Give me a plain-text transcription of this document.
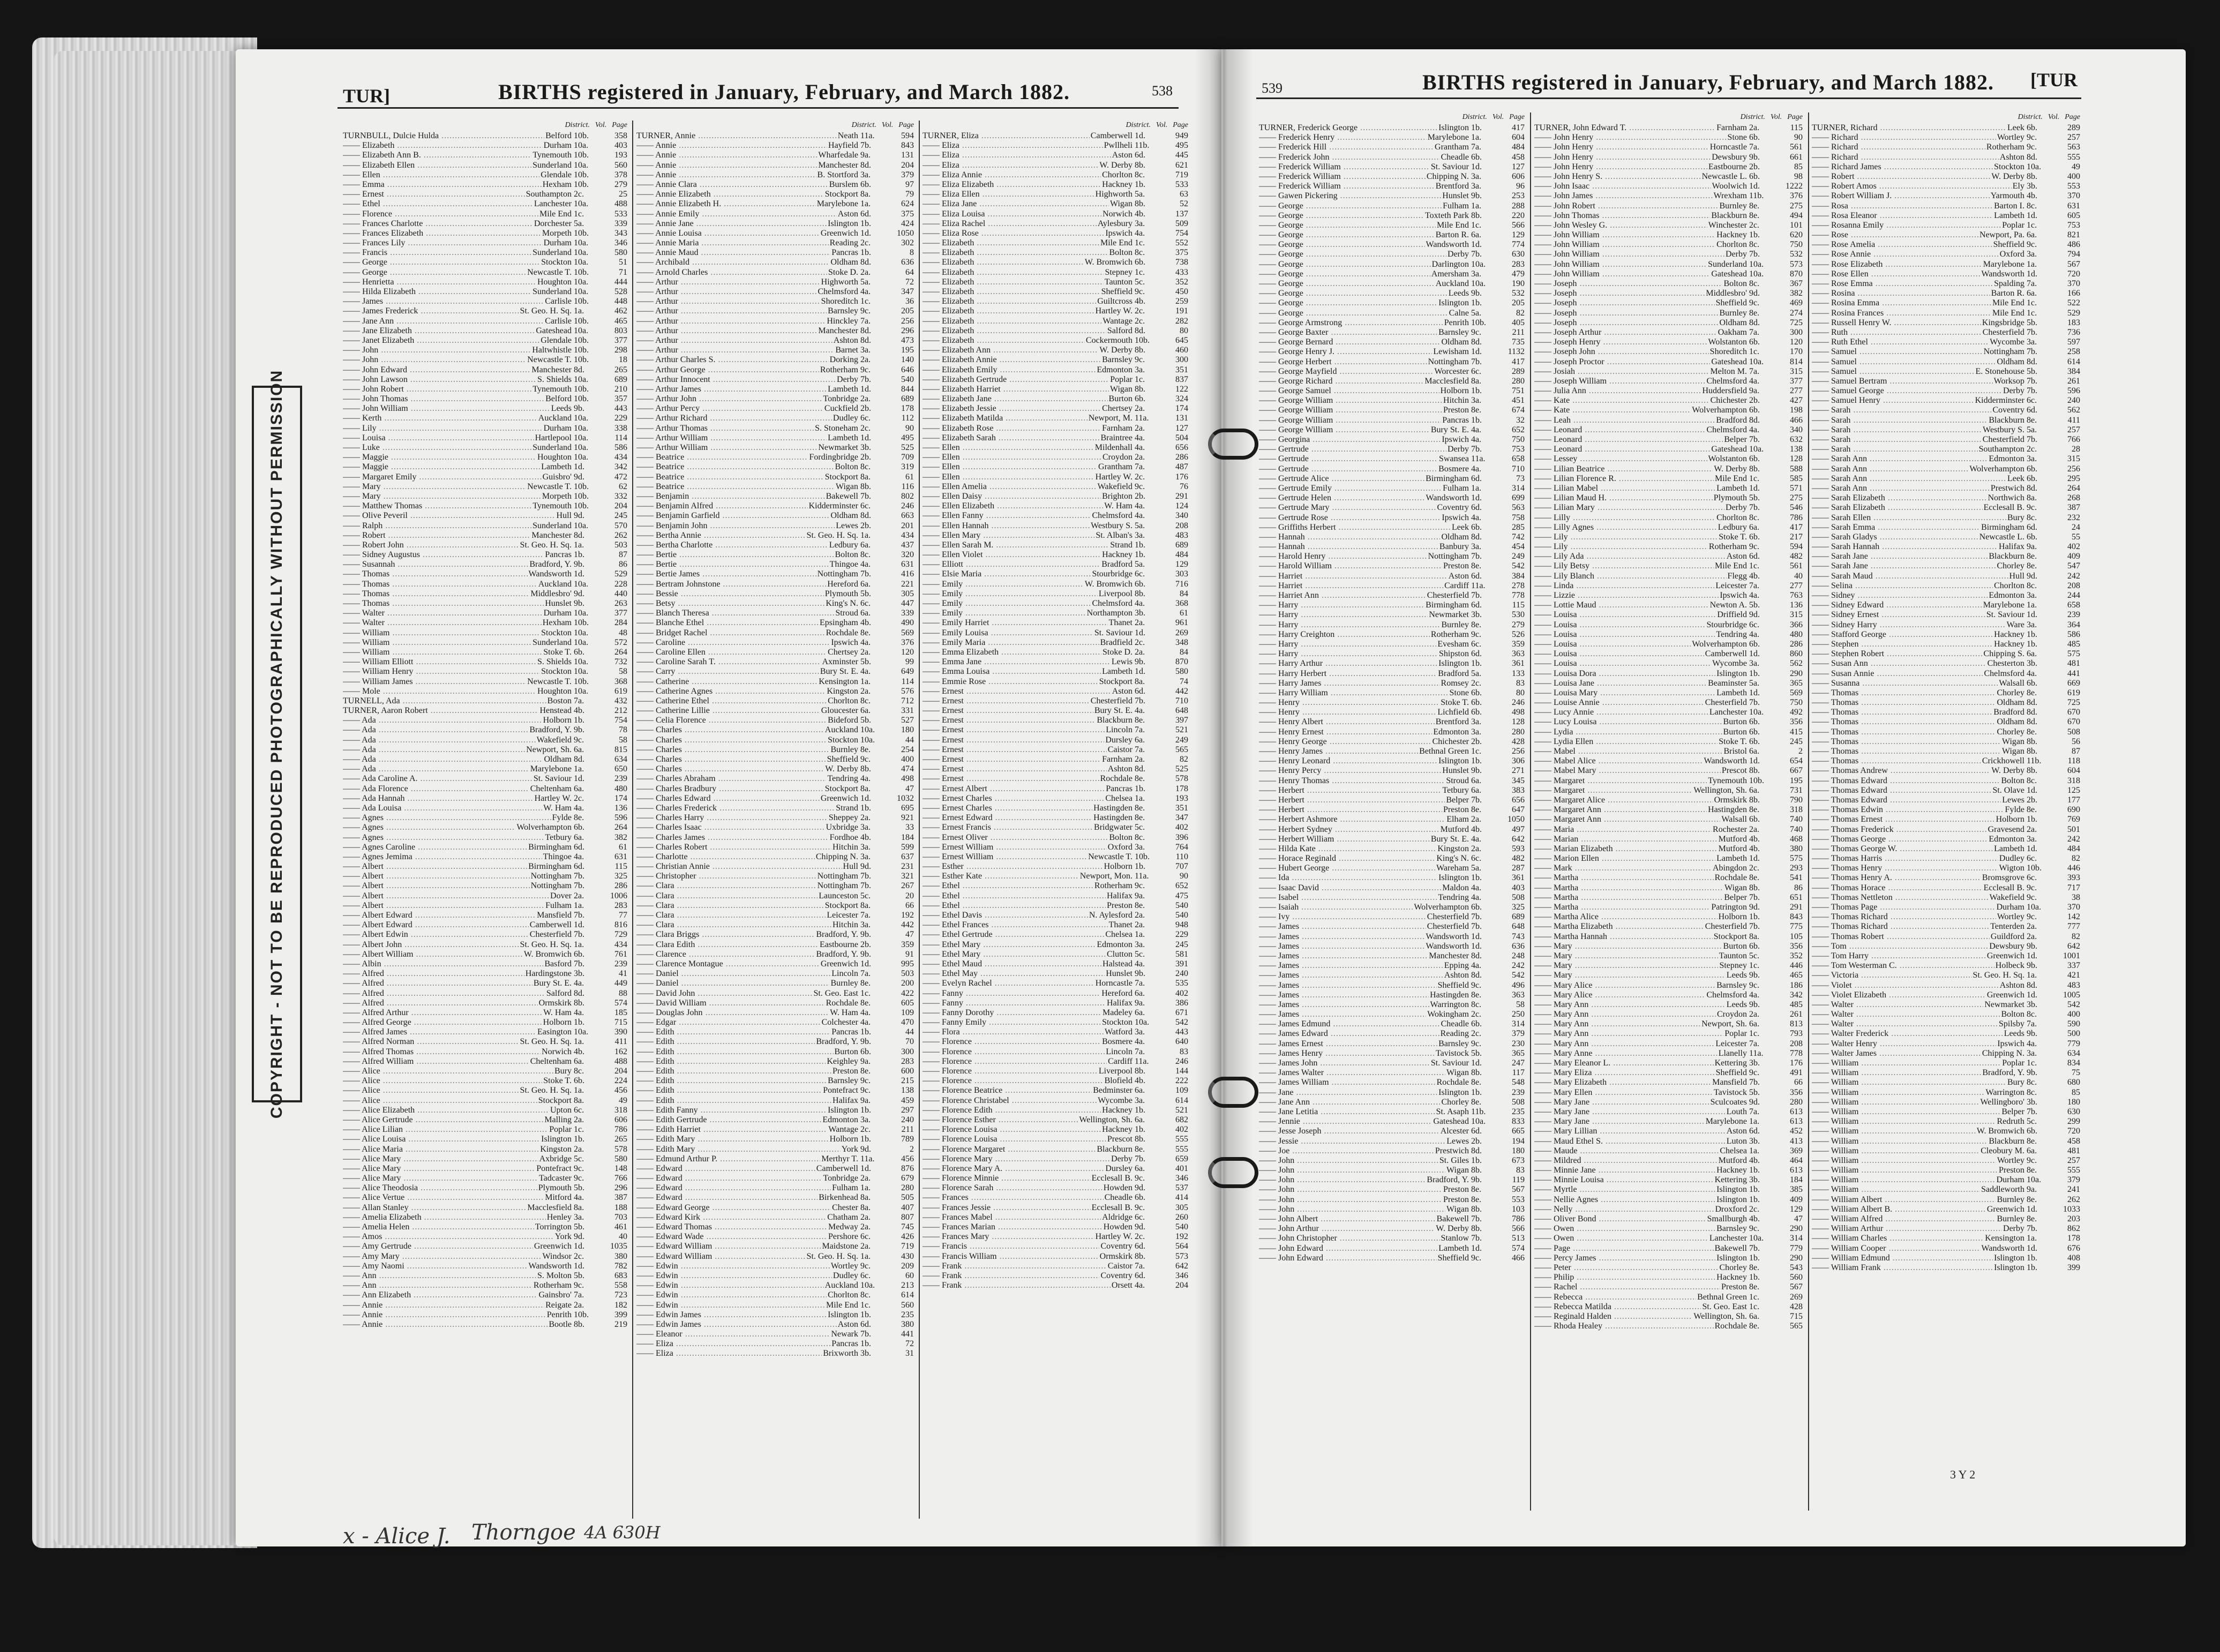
COPYRIGHT - NOT TO BE REPRODUCED PHOTOGRAPHICALLY WITHOUT PERMISSION
TUR]	BIRTHS registered in January, February, and March 1882.	538	539	BIRTHS registered in January, February, and March 1882. [TUR
District. Vol. Page
TURNBULL, Dulcie Hulda .....	Belford 10b.	358
—— Elizabeth .....	Durham 10a.	403
—— Elizabeth Ann B. .....	Tynemouth 10b.	193
—— Elizabeth Ellen .....	Sunderland 10a.	560
—— Ellen .....	Glendale 10b.	378
—— Emma .....	Hexham 10b.	279
—— Ernest .....	Southampton 2c.	25
—— Ethel .....	Lanchester 10a.	488
—— Florence .....	Mile End 1c.	533
—— Frances Charlotte .....	Dorchester 5a.	339
—— Frances Elizabeth .....	Morpeth 10b.	343
—— Frances Lily .....	Durham 10a.	346
—— Francis .....	Sunderland 10a.	580
—— George .....	Stockton 10a.	51
—— George .....	Newcastle T. 10b.	71
—— Henrietta .....	Houghton 10a.	444
—— Hilda Elizabeth .....	Sunderland 10a.	528
—— James .....	Carlisle 10b.	448
—— James Frederick .....	St. Geo. H. Sq. 1a.	462
—— Jane Ann .....	Carlisle 10b.	465
—— Jane Elizabeth .....	Gateshead 10a.	803
—— Janet Elizabeth .....	Glendale 10b.	377
—— John .....	Haltwhistle 10b.	298
—— John .....	Newcastle T. 10b.	18
—— John Edward .....	Manchester 8d.	265
—— John Lawson .....	S. Shields 10a.	689
—— John Robert .....	Tynemouth 10b.	210
—— John Thomas .....	Belford 10b.	357
—— John William .....	Leeds 9b.	443
—— Kerth .....	Auckland 10a.	229
—— Lily .....	Durham 10a.	338
—— Louisa .....	Hartlepool 10a.	114
—— Luke .....	Sunderland 10a.	586
—— Maggie .....	Houghton 10a.	434
—— Maggie .....	Lambeth 1d.	342
—— Margaret Emily .....	Guisbro' 9d.	472
—— Mary .....	Newcastle T. 10b.	62
—— Mary .....	Morpeth 10b.	332
—— Matthew Thomas .....	Tynemouth 10b.	204
—— Olive Peveril .....	Hull 9d.	245
—— Ralph .....	Sunderland 10a.	570
—— Robert .....	Manchester 8d.	262
—— Robert John .....	St. Geo. H. Sq. 1a.	503
—— Sidney Augustus .....	Pancras 1b.	87
—— Susannah .....	Bradford, Y. 9b.	86
—— Thomas .....	Wandsworth 1d.	529
—— Thomas .....	Auckland 10a.	228
—— Thomas .....	Middlesbro' 9d.	440
—— Thomas .....	Hunslet 9b.	263
—— Walter .....	Durham 10a.	377
—— Walter .....	Hexham 10b.	284
—— William .....	Stockton 10a.	48
—— William .....	Sunderland 10a.	572
—— William .....	Stoke T. 6b.	264
—— William Elliott .....	S. Shields 10a.	732
—— William Henry .....	Stockton 10a.	58
—— William James .....	Newcastle T. 10b.	368
—— Mole .....	Houghton 10a.	619
TURNELL, Ada .....	Boston 7a.	432
TURNER, Aaron Robert .....	Henstead 4b.	212
—— Ada .....	Holborn 1b.	754
—— Ada .....	Bradford, Y. 9b.	78
—— Ada .....	Wakefield 9c.	58
—— Ada .....	Newport, Sh. 6a.	815
—— Ada .....	Oldham 8d.	634
—— Ada .....	Marylebone 1a.	650
—— Ada Caroline A. .....	St. Saviour 1d.	239
—— Ada Florence .....	Cheltenham 6a.	480
—— Ada Hannah .....	Hartley W. 2c.	174
—— Ada Louisa .....	W. Ham 4a.	136
—— Agnes .....	Fylde 8e.	596
—— Agnes .....	Wolverhampton 6b.	264
—— Agnes .....	Tetbury 6a.	382
—— Agnes Caroline .....	Birmingham 6d.	61
—— Agnes Jemima .....	Thingoe 4a.	631
—— Albert .....	Birmingham 6d.	115
—— Albert .....	Nottingham 7b.	325
—— Albert .....	Nottingham 7b.	286
—— Albert .....	Dover 2a.	1006
—— Albert .....	Fulham 1a.	283
—— Albert Edward .....	Mansfield 7b.	77
—— Albert Edward .....	Camberwell 1d.	816
—— Albert Edwin .....	Chesterfield 7b.	729
—— Albert John .....	St. Geo. H. Sq. 1a.	434
—— Albert William .....	W. Bromwich 6b.	761
—— Albin .....	Basford 7b.	239
—— Alfred .....	Hardingstone 3b.	41
—— Alfred .....	Bury St. E. 4a.	449
—— Alfred .....	Salford 8d.	88
—— Alfred .....	Ormskirk 8b.	574
—— Alfred Arthur .....	W. Ham 4a.	185
—— Alfred George .....	Holborn 1b.	715
—— Alfred James .....	Easington 10a.	390
—— Alfred Norman .....	St. Geo. H. Sq. 1a.	411
—— Alfred Thomas .....	Norwich 4b.	162
—— Alfred William .....	Cheltenham 6a.	488
—— Alice .....	Bury 8c.	204
—— Alice .....	Stoke T. 6b.	224
—— Alice .....	St. Geo. H. Sq. 1a.	456
—— Alice .....	Stockport 8a.	49
—— Alice Elizabeth .....	Upton 6c.	318
—— Alice Gertrude .....	Malling 2a.	606
—— Alice Lilian .....	Poplar 1c.	786
—— Alice Louisa .....	Islington 1b.	265
—— Alice Maria .....	Kingston 2a.	578
—— Alice Mary .....	Axbridge 5c.	580
—— Alice Mary .....	Pontefract 9c.	148
—— Alice Mary .....	Tadcaster 9c.	766
—— Alice Theodosia .....	Plymouth 5b.	296
—— Alice Vertue .....	Mitford 4a.	387
—— Allan Stanley .....	Macclesfield 8a.	188
—— Amelia Elizabeth .....	Henley 3a.	703
—— Amelia Helen .....	Torrington 5b.	461
—— Amos .....	York 9d.	40
—— Amy Gertrude .....	Greenwich 1d.	1035
—— Amy Mary .....	Windsor 2c.	380
—— Amy Naomi .....	Wandsworth 1d.	782
—— Ann .....	S. Molton 5b.	683
—— Ann .....	Rotherham 9c.	558
—— Ann Elizabeth .....	Gainsbro' 7a.	723
—— Annie .....	Reigate 2a.	182
—— Annie .....	Penrith 10b.	399
—— Annie .....	Bootle 8b.	219
District. Vol. Page
TURNER, Annie .....	Neath 11a.	594
—— Annie .....	Hayfield 7b.	843
—— Annie .....	Wharfedale 9a.	131
—— Annie .....	Manchester 8d.	204
—— Annie .....	B. Stortford 3a.	379
—— Annie Clara .....	Burslem 6b.	97
—— Annie Elizabeth .....	Stockport 8a.	79
—— Annie Elizabeth H. .....	Marylebone 1a.	624
—— Annie Emily .....	Aston 6d.	375
—— Annie Jane .....	Islington 1b.	424
—— Annie Louisa .....	Greenwich 1d.	1050
—— Annie Maria .....	Reading 2c.	302
—— Annie Maud .....	Pancras 1b.	8
—— Archibald .....	Oldham 8d.	636
—— Arnold Charles .....	Stoke D. 2a.	64
—— Arthur .....	Highworth 5a.	72
—— Arthur .....	Chelmsford 4a.	347
—— Arthur .....	Shoreditch 1c.	36
—— Arthur .....	Barnsley 9c.	205
—— Arthur .....	Hinckley 7a.	256
—— Arthur .....	Manchester 8d.	296
—— Arthur .....	Ashton 8d.	473
—— Arthur .....	Barnet 3a.	195
—— Arthur Charles S. .....	Dorking 2a.	140
—— Arthur George .....	Rotherham 9c.	646
—— Arthur Innocent .....	Derby 7b.	540
—— Arthur James .....	Lambeth 1d.	844
—— Arthur John .....	Tonbridge 2a.	689
—— Arthur Percy .....	Cuckfield 2b.	178
—— Arthur Richard .....	Dudley 6c.	112
—— Arthur Thomas .....	S. Stoneham 2c.	90
—— Arthur William .....	Lambeth 1d.	495
—— Arthur William .....	Newmarket 3b.	525
—— Beatrice .....	Fordingbridge 2b.	709
—— Beatrice .....	Bolton 8c.	319
—— Beatrice .....	Stockport 8a.	61
—— Beatrice .....	Wigan 8b.	116
—— Benjamin .....	Bakewell 7b.	802
—— Benjamin Alfred .....	Kidderminster 6c.	246
—— Benjamin Garfield .....	Oldham 8d.	663
—— Benjamin John .....	Lewes 2b.	201
—— Bertha Annie .....	St. Geo. H. Sq. 1a.	434
—— Bertha Charlotte .....	Ledbury 6a.	437
—— Bertie .....	Bolton 8c.	320
—— Bertie .....	Thingoe 4a.	631
—— Bertie James .....	Nottingham 7b.	416
—— Bertram Johnstone .....	Hereford 6a.	221
—— Bessie .....	Plymouth 5b.	305
—— Betsy .....	King's N. 6c.	447
—— Blanch Theresa .....	Stroud 6a.	339
—— Blanche Ethel .....	Epsingham 4b.	490
—— Bridget Rachel .....	Rochdale 8e.	569
—— Caroline .....	Ipswich 4a.	376
—— Caroline Ellen .....	Chertsey 2a.	120
—— Caroline Sarah T. .....	Axminster 5b.	99
—— Carry .....	Bury St. E. 4a.	649
—— Catherine .....	Kensington 1a.	114
—— Catherine Agnes .....	Kingston 2a.	576
—— Catherine Ethel .....	Chorlton 8c.	712
—— Catherine Lillie .....	Gloucester 6a.	331
—— Celia Florence .....	Bideford 5b.	527
—— Charles .....	Auckland 10a.	180
—— Charles .....	Stockton 10a.	44
—— Charles .....	Burnley 8e.	254
—— Charles .....	Sheffield 9c.	400
—— Charles .....	W. Derby 8b.	474
—— Charles Abraham .....	Tendring 4a.	498
—— Charles Bradbury .....	Stockport 8a.	47
—— Charles Edward .....	Greenwich 1d.	1032
—— Charles Frederick .....	Strand 1b.	695
—— Charles Harry .....	Sheppey 2a.	921
—— Charles Isaac .....	Uxbridge 3a.	33
—— Charles James .....	Fordhoe 4b.	184
—— Charles Robert .....	Hitchin 3a.	599
—— Charlotte .....	Chipping N. 3a.	637
—— Christian Annie .....	Hull 9d.	231
—— Christopher .....	Nottingham 7b.	321
—— Clara .....	Nottingham 7b.	267
—— Clara .....	Launceston 5c.	20
—— Clara .....	Stockport 8a.	66
—— Clara .....	Leicester 7a.	192
—— Clara .....	Hitchin 3a.	442
—— Clara Briggs .....	Bradford, Y. 9b.	47
—— Clara Edith .....	Eastbourne 2b.	359
—— Clarence .....	Bradford, Y. 9b.	91
—— Clarence Montague .....	Greenwich 1d.	995
—— Daniel .....	Lincoln 7a.	503
—— Daniel .....	Burnley 8e.	200
—— David John .....	St. Geo. East 1c.	422
—— David William .....	Rochdale 8e.	605
—— Douglas John .....	W. Ham 4a.	109
—— Edgar .....	Colchester 4a.	470
—— Edith .....	Pancras 1b.	44
—— Edith .....	Bradford, Y. 9b.	70
—— Edith .....	Burton 6b.	300
—— Edith .....	Keighley 9a.	283
—— Edith .....	Preston 8e.	600
—— Edith .....	Barnsley 9c.	215
—— Edith .....	Pontefract 9c.	138
—— Edith .....	Halifax 9a.	459
—— Edith Fanny .....	Islington 1b.	297
—— Edith Gertrude .....	Edmonton 3a.	240
—— Edith Harriet .....	Wantage 2c.	211
—— Edith Mary .....	Holborn 1b.	789
—— Edith Mary .....	York 9d.	2
—— Edmund Arthur P. .....	Merthyr T. 11a.	456
—— Edward .....	Camberwell 1d.	876
—— Edward .....	Tonbridge 2a.	679
—— Edward .....	Fulham 1a.	280
—— Edward .....	Birkenhead 8a.	505
—— Edward George .....	Chester 8a.	407
—— Edward Kirk .....	Chatham 2a.	807
—— Edward Thomas .....	Medway 2a.	745
—— Edward Wade .....	Pershore 6c.	426
—— Edward William .....	Maidstone 2a.	719
—— Edward William .....	St. Geo. H. Sq. 1a.	430
—— Edwin .....	Wortley 9c.	209
—— Edwin .....	Dudley 6c.	60
—— Edwin .....	Auckland 10a.	213
—— Edwin .....	Chorlton 8c.	614
—— Edwin .....	Mile End 1c.	560
—— Edwin James .....	Islington 1b.	235
—— Edwin James .....	Aston 6d.	380
—— Eleanor .....	Newark 7b.	441
—— Eliza .....	Pancras 1b.	72
—— Eliza .....	Brixworth 3b.	31
District. Vol. Page
TURNER, Eliza .....	Camberwell 1d.	949
—— Eliza .....	Pwllheli 11b.	495
—— Eliza .....	Aston 6d.	445
—— Eliza .....	W. Derby 8b.	621
—— Eliza Annie .....	Chorlton 8c.	719
—— Eliza Elizabeth .....	Hackney 1b.	533
—— Eliza Ellen .....	Highworth 5a.	63
—— Eliza Jane .....	Wigan 8b.	52
—— Eliza Louisa .....	Norwich 4b.	137
—— Eliza Rachel .....	Aylesbury 3a.	509
—— Eliza Rose .....	Ipswich 4a.	754
—— Elizabeth .....	Mile End 1c.	552
—— Elizabeth .....	Bolton 8c.	375
—— Elizabeth .....	W. Bromwich 6b.	738
—— Elizabeth .....	Stepney 1c.	433
—— Elizabeth .....	Taunton 5c.	352
—— Elizabeth .....	Sheffield 9c.	450
—— Elizabeth .....	Guiltcross 4b.	259
—— Elizabeth .....	Hartley W. 2c.	191
—— Elizabeth .....	Wantage 2c.	282
—— Elizabeth .....	Salford 8d.	80
—— Elizabeth .....	Cockermouth 10b.	645
—— Elizabeth Ann .....	W. Derby 8b.	460
—— Elizabeth Annie .....	Barnsley 9c.	300
—— Elizabeth Emily .....	Edmonton 3a.	351
—— Elizabeth Gertrude .....	Poplar 1c.	837
—— Elizabeth Harriet .....	Wigan 8b.	122
—— Elizabeth Jane .....	Burton 6b.	324
—— Elizabeth Jessie .....	Chertsey 2a.	174
—— Elizabeth Matilda .....	Newport, M. 11a.	131
—— Elizabeth Rose .....	Farnham 2a.	127
—— Elizabeth Sarah .....	Braintree 4a.	504
—— Ellen .....	Mildenhall 4a.	656
—— Ellen .....	Croydon 2a.	286
—— Ellen .....	Grantham 7a.	487
—— Ellen .....	Hartley W. 2c.	176
—— Ellen Amelia .....	Wakefield 9c.	76
—— Ellen Daisy .....	Brighton 2b.	291
—— Ellen Elizabeth .....	W. Ham 4a.	124
—— Ellen Fanny .....	Chelmsford 4a.	340
—— Ellen Hannah .....	Westbury S. 5a.	208
—— Ellen Mary .....	St. Alban's 3a.	483
—— Ellen Sarah M. .....	Strand 1b.	689
—— Ellen Violet .....	Hackney 1b.	484
—— Elliott .....	Bradford 5a.	129
—— Elsie Maria .....	Stourbridge 6c.	303
—— Emily .....	W. Bromwich 6b.	716
—— Emily .....	Liverpool 8b.	84
—— Emily .....	Chelmsford 4a.	368
—— Emily .....	Northampton 3b.	61
—— Emily Harriet .....	Thanet 2a.	961
—— Emily Louisa .....	St. Saviour 1d.	269
—— Emily Maria .....	Bradfield 2c.	348
—— Emma Elizabeth .....	Stoke D. 2a.	84
—— Emma Jane .....	Lewis 9b.	870
—— Emma Louisa .....	Lambeth 1d.	580
—— Emmie Rose .....	Stockport 8a.	74
—— Ernest .....	Aston 6d.	442
—— Ernest .....	Chesterfield 7b.	710
—— Ernest .....	Bury St. E. 4a.	648
—— Ernest .....	Blackburn 8e.	397
—— Ernest .....	Lincoln 7a.	521
—— Ernest .....	Dursley 6a.	249
—— Ernest .....	Caistor 7a.	565
—— Ernest .....	Farnham 2a.	82
—— Ernest .....	Ashton 8d.	525
—— Ernest .....	Rochdale 8e.	578
—— Ernest Albert .....	Pancras 1b.	178
—— Ernest Charles .....	Chelsea 1a.	193
—— Ernest Charles .....	Hastingden 8e.	351
—— Ernest Edward .....	Hastingden 8e.	347
—— Ernest Francis .....	Bridgwater 5c.	402
—— Ernest Oliver .....	Bolton 8c.	396
—— Ernest William .....	Oxford 3a.	764
—— Ernest William .....	Newcastle T. 10b.	110
—— Esther .....	Holborn 1b.	707
—— Esther Kate .....	Newport, Mon. 11a.	90
—— Ethel .....	Rotherham 9c.	652
—— Ethel .....	Halifax 9a.	475
—— Ethel .....	Preston 8e.	540
—— Ethel Davis .....	N. Aylesford 2a.	540
—— Ethel Frances .....	Thanet 2a.	948
—— Ethel Gertrude .....	Chelsea 1a.	229
—— Ethel Mary .....	Edmonton 3a.	245
—— Ethel Mary .....	Clutton 5c.	581
—— Ethel Maud .....	Halstead 4a.	391
—— Ethel May .....	Hunslet 9b.	240
—— Evelyn Rachel .....	Horncastle 7a.	535
—— Fanny .....	Hereford 6a.	402
—— Fanny .....	Halifax 9a.	386
—— Fanny Dorothy .....	Madeley 6a.	671
—— Fanny Emily .....	Stockton 10a.	542
—— Flora .....	Watford 3a.	443
—— Florence .....	Bosmere 4a.	640
—— Florence .....	Lincoln 7a.	83
—— Florence .....	Cardiff 11a.	246
—— Florence .....	Liverpool 8b.	144
—— Florence .....	Blofield 4b.	222
—— Florence Beatrice .....	Bedminster 6a.	109
—— Florence Christabel .....	Wycombe 3a.	614
—— Florence Edith .....	Hackney 1b.	521
—— Florence Esther .....	Wellington, Sh. 6a.	682
—— Florence Louisa .....	Hackney 1b.	402
—— Florence Louisa .....	Prescot 8b.	555
—— Florence Margaret .....	Blackburn 8e.	555
—— Florence Mary .....	Derby 7b.	659
—— Florence Mary A. .....	Dursley 6a.	401
—— Florence Minnie .....	Ecclesall B. 9c.	346
—— Florence Sarah .....	Howden 9d.	537
—— Frances .....	Cheadle 6b.	414
—— Frances Jessie .....	Ecclesall B. 9c.	305
—— Frances Mabel .....	Aldridge 6c.	260
—— Frances Marian .....	Howden 9d.	540
—— Frances Mary .....	Hartley W. 2c.	192
—— Francis .....	Coventry 6d.	564
—— Francis William .....	Ormskirk 8b.	573
—— Frank .....	Caistor 7a.	642
—— Frank .....	Coventry 6d.	346
—— Frank .....	Orsett 4a.	204
District. Vol. Page
TURNER, Frederick George .....	Islington 1b.	417
—— Frederick Henry .....	Marylebone 1a.	604
—— Frederick Hill .....	Grantham 7a.	484
—— Frederick John .....	Cheadle 6b.	458
—— Frederick William .....	St. Saviour 1d.	127
—— Frederick William .....	Chipping N. 3a.	606
—— Frederick William .....	Brentford 3a.	96
—— Gawen Pickering .....	Hunslet 9b.	253
—— George .....	Fulham 1a.	288
—— George .....	Toxteth Park 8b.	220
—— George .....	Mile End 1c.	566
—— George .....	Barton R. 6a.	129
—— George .....	Wandsworth 1d.	774
—— George .....	Derby 7b.	630
—— George .....	Darlington 10a.	283
—— George .....	Amersham 3a.	479
—— George .....	Auckland 10a.	190
—— George .....	Leeds 9b.	532
—— George .....	Islington 1b.	205
—— George .....	Calne 5a.	82
—— George Armstrong .....	Penrith 10b.	405
—— George Baxter .....	Barnsley 9c.	211
—— George Bernard .....	Oldham 8d.	735
—— George Henry J. .....	Lewisham 1d.	1132
—— George Herbert .....	Nottingham 7b.	417
—— George Mayfield .....	Worcester 6c.	289
—— George Richard .....	Macclesfield 8a.	280
—— George Samuel .....	Holborn 1b.	751
—— George William .....	Hitchin 3a.	451
—— George William .....	Preston 8e.	674
—— George William .....	Pancras 1b.	32
—— George William .....	Bury St. E. 4a.	652
—— Georgina .....	Ipswich 4a.	750
—— Gertrude .....	Derby 7b.	753
—— Gertrude .....	Swansea 11a.	658
—— Gertrude .....	Bosmere 4a.	710
—— Gertrude Alice .....	Birmingham 6d.	73
—— Gertrude Emily .....	Fulham 1a.	314
—— Gertrude Helen .....	Wandsworth 1d.	699
—— Gertrude Mary .....	Coventry 6d.	563
—— Gertrude Rose .....	Ipswich 4a.	758
—— Griffiths Herbert .....	Leek 6b.	285
—— Hannah .....	Oldham 8d.	742
—— Hannah .....	Banbury 3a.	454
—— Harold Henry .....	Nottingham 7b.	249
—— Harold William .....	Preston 8e.	542
—— Harriet .....	Aston 6d.	384
—— Harriet .....	Cardiff 11a.	278
—— Harriet Ann .....	Chesterfield 7b.	778
—— Harry .....	Birmingham 6d.	115
—— Harry .....	Newmarket 3b.	530
—— Harry .....	Burnley 8e.	279
—— Harry Creighton .....	Rotherham 9c.	526
—— Harry .....	Evesham 6c.	359
—— Harry .....	Shipston 6d.	363
—— Harry Arthur .....	Islington 1b.	361
—— Harry Herbert .....	Bradford 5a.	133
—— Harry James .....	Romsey 2c.	83
—— Harry William .....	Stone 6b.	80
—— Henry .....	Stoke T. 6b.	246
—— Henry .....	Lichfield 6b.	498
—— Henry Albert .....	Brentford 3a.	128
—— Henry Ernest .....	Edmonton 3a.	280
—— Henry George .....	Chichester 2b.	428
—— Henry James .....	Bethnal Green 1c.	256
—— Henry Leonard .....	Islington 1b.	306
—— Henry Percy .....	Hunslet 9b.	271
—— Henry Thomas .....	Stroud 6a.	345
—— Herbert .....	Tetbury 6a.	383
—— Herbert .....	Belper 7b.	656
—— Herbert .....	Preston 8e.	647
—— Herbert Ashmore .....	Elham 2a.	1050
—— Herbert Sydney .....	Mutford 4b.	497
—— Herbert William .....	Bury St. E. 4a.	642
—— Hilda Kate .....	Kingston 2a.	593
—— Horace Reginald .....	King's N. 6c.	482
—— Hubert George .....	Wareham 5a.	287
—— Ida .....	Islington 1b.	361
—— Isaac David .....	Maldon 4a.	403
—— Isabel .....	Tendring 4a.	508
—— Isaiah .....	Wolverhampton 6b.	325
—— Ivy .....	Chesterfield 7b.	689
—— James .....	Chesterfield 7b.	648
—— James .....	Wandsworth 1d.	743
—— James .....	Wandsworth 1d.	636
—— James .....	Manchester 8d.	248
—— James .....	Epping 4a.	242
—— James .....	Ashton 8d.	542
—— James .....	Sheffield 9c.	496
—— James .....	Hastingden 8e.	363
—— James .....	Warrington 8c.	58
—— James .....	Wokingham 2c.	250
—— James Edmund .....	Cheadle 6b.	314
—— James Edward .....	Reading 2c.	379
—— James Ernest .....	Barnsley 9c.	230
—— James Henry .....	Tavistock 5b.	365
—— James John .....	St. Saviour 1d.	247
—— James Walter .....	Wigan 8b.	117
—— James William .....	Rochdale 8e.	548
—— Jane .....	Islington 1b.	239
—— Jane Ann .....	Chorley 8e.	508
—— Jane Letitia .....	St. Asaph 11b.	235
—— Jennie .....	Gateshead 10a.	833
—— Jesse Joseph .....	Alcester 6d.	665
—— Jessie .....	Lewes 2b.	194
—— Joe .....	Prestwich 8d.	180
—— John .....	St. Giles 1b.	673
—— John .....	Wigan 8b.	83
—— John .....	Bradford, Y. 9b.	119
—— John .....	Preston 8e.	567
—— John .....	Preston 8e.	553
—— John .....	Wigan 8b.	103
—— John Albert .....	Bakewell 7b.	786
—— John Arthur .....	W. Derby 8b.	566
—— John Christopher .....	Stanlow 7b.	513
—— John Edward .....	Lambeth 1d.	574
—— John Edward .....	Sheffield 9c.	466
District. Vol. Page
TURNER, John Edward T. .....	Farnham 2a.	115
—— John Henry .....	Stone 6b.	90
—— John Henry .....	Horncastle 7a.	561
—— John Henry .....	Dewsbury 9b.	661
—— John Henry .....	Eastbourne 2b.	85
—— John Henry S. .....	Newcastle L. 6b.	98
—— John Isaac .....	Woolwich 1d.	1222
—— John James .....	Wrexham 11b.	376
—— John Robert .....	Burnley 8e.	275
—— John Thomas .....	Blackburn 8e.	494
—— John Wesley G. .....	Winchester 2c.	101
—— John William .....	Hackney 1b.	620
—— John William .....	Chorlton 8c.	750
—— John William .....	Derby 7b.	532
—— John William .....	Sunderland 10a.	573
—— John William .....	Gateshead 10a.	870
—— Joseph .....	Bolton 8c.	367
—— Joseph .....	Middlesbro' 9d.	382
—— Joseph .....	Sheffield 9c.	469
—— Joseph .....	Burnley 8e.	274
—— Joseph .....	Oldham 8d.	725
—— Joseph Arthur .....	Oakham 7a.	300
—— Joseph Henry .....	Wolstanton 6b.	120
—— Joseph John .....	Shoreditch 1c.	170
—— Joseph Proctor .....	Gateshead 10a.	814
—— Josiah .....	Melton M. 7a.	315
—— Joseph William .....	Chelmsford 4a.	377
—— Julia Ann .....	Huddersfield 9a.	277
—— Kate .....	Chichester 2b.	427
—— Kate .....	Wolverhampton 6b.	198
—— Leah .....	Bradford 8d.	466
—— Leonard .....	Chelmsford 4a.	340
—— Leonard .....	Belper 7b.	632
—— Leonard .....	Gateshead 10a.	138
—— Lessey .....	Wolstanton 6b.	128
—— Lilian Beatrice .....	W. Derby 8b.	588
—— Lilian Florence R. .....	Mile End 1c.	585
—— Lilian Mabel .....	Lambeth 1d.	571
—— Lilian Maud H. .....	Plymouth 5b.	275
—— Lilian Mary .....	Derby 7b.	546
—— Lilly .....	Chorlton 8c.	786
—— Lilly Agnes .....	Ledbury 6a.	417
—— Lily .....	Stoke T. 6b.	217
—— Lily .....	Rotherham 9c.	594
—— Lily Ada .....	Aston 6d.	482
—— Lily Betsy .....	Mile End 1c.	561
—— Lily Blanch .....	Flegg 4b.	40
—— Linda .....	Leicester 7a.	277
—— Lizzie .....	Ipswich 4a.	763
—— Lottie Maud .....	Newton A. 5b.	136
—— Louisa .....	Driffield 9d.	315
—— Louisa .....	Stourbridge 6c.	366
—— Louisa .....	Tendring 4a.	480
—— Louisa .....	Wolverhampton 6b.	286
—— Louisa .....	Camberwell 1d.	860
—— Louisa .....	Wycombe 3a.	562
—— Louisa Dora .....	Islington 1b.	290
—— Louisa Jane .....	Beaminster 5a.	365
—— Louisa Mary .....	Lambeth 1d.	569
—— Louise Annie .....	Chesterfield 7b.	750
—— Lucy Annie .....	Lanchester 10a.	492
—— Lucy Louisa .....	Burton 6b.	356
—— Lydia .....	Burton 6b.	415
—— Lydia Ellen .....	Stoke T. 6b.	245
—— Mabel .....	Bristol 6a.	2
—— Mabel Alice .....	Wandsworth 1d.	654
—— Mabel Mary .....	Prescot 8b.	667
—— Margaret .....	Tynemouth 10b.	195
—— Margaret .....	Wellington, Sh. 6a.	731
—— Margaret Alice .....	Ormskirk 8b.	790
—— Margaret Ann .....	Hastingden 8e.	318
—— Margaret Ann .....	Walsall 6b.	740
—— Maria .....	Rochester 2a.	740
—— Marian .....	Mutford 4b.	468
—— Marian Elizabeth .....	Mutford 4b.	380
—— Marion Ellen .....	Lambeth 1d.	575
—— Mark .....	Abingdon 2c.	293
—— Martha .....	Rochdale 8e.	541
—— Martha .....	Wigan 8b.	86
—— Martha .....	Belper 7b.	651
—— Martha .....	Patrington 9d.	291
—— Martha Alice .....	Holborn 1b.	843
—— Martha Elizabeth .....	Chesterfield 7b.	775
—— Martha Hannah .....	Stockport 8a.	105
—— Mary .....	Burton 6b.	356
—— Mary .....	Taunton 5c.	352
—— Mary .....	Stepney 1c.	446
—— Mary .....	Leeds 9b.	465
—— Mary Alice .....	Barnsley 9c.	186
—— Mary Alice .....	Chelmsford 4a.	342
—— Mary Ann .....	Leeds 9b.	485
—— Mary Ann .....	Croydon 2a.	261
—— Mary Ann .....	Newport, Sh. 6a.	813
—— Mary Ann .....	Poplar 1c.	793
—— Mary Ann .....	Leicester 7a.	208
—— Mary Anne .....	Llanelly 11a.	778
—— Mary Eleanor L. .....	Kettering 3b.	176
—— Mary Eliza .....	Sheffield 9c.	491
—— Mary Elizabeth .....	Mansfield 7b.	66
—— Mary Ellen .....	Tavistock 5b.	356
—— Mary Jane .....	Sculcoates 9d.	280
—— Mary Jane .....	Louth 7a.	613
—— Mary Jane .....	Marylebone 1a.	613
—— Mary Lillian .....	Aston 6d.	452
—— Maud Ethel S. .....	Luton 3b.	413
—— Maude .....	Chelsea 1a.	369
—— Mildred .....	Mutford 4b.	464
—— Minnie Jane .....	Hackney 1b.	613
—— Minnie Louisa .....	Kettering 3b.	184
—— Myrtle .....	Islington 1b.	385
—— Nellie Agnes .....	Islington 1b.	409
—— Nelly .....	Droxford 2c.	129
—— Oliver Bond .....	Smallburgh 4b.	47
—— Owen .....	Barnsley 9c.	290
—— Owen .....	Lanchester 10a.	314
—— Page .....	Bakewell 7b.	779
—— Percy James .....	Islington 1b.	290
—— Peter .....	Chorley 8e.	543
—— Philip .....	Hackney 1b.	560
—— Rachel .....	Preston 8e.	567
—— Rebecca .....	Bethnal Green 1c.	269
—— Rebecca Matilda .....	St. Geo. East 1c.	428
—— Reginald Halden .....	Wellington, Sh. 6a.	715
—— Rhoda Healey .....	Rochdale 8e.	565
District. Vol. Page
TURNER, Richard .....	Leek 6b.	289
—— Richard .....	Wortley 9c.	257
—— Richard .....	Rotherham 9c.	563
—— Richard .....	Ashton 8d.	555
—— Richard James .....	Stockton 10a.	49
—— Robert .....	W. Derby 8b.	400
—— Robert Amos .....	Ely 3b.	553
—— Robert William J. .....	Yarmouth 4b.	370
—— Rosa .....	Barton I. 8c.	631
—— Rosa Eleanor .....	Lambeth 1d.	605
—— Rosanna Emily .....	Poplar 1c.	753
—— Rose .....	Newport, Pa. 6a.	821
—— Rose Amelia .....	Sheffield 9c.	486
—— Rose Annie .....	Oxford 3a.	794
—— Rose Elizabeth .....	Marylebone 1a.	567
—— Rose Ellen .....	Wandsworth 1d.	720
—— Rose Emma .....	Spalding 7a.	370
—— Rosina .....	Barton R. 6a.	166
—— Rosina Emma .....	Mile End 1c.	522
—— Rosina Frances .....	Mile End 1c.	529
—— Russell Henry W. .....	Kingsbridge 5b.	183
—— Ruth .....	Chesterfield 7b.	736
—— Ruth Ethel .....	Wycombe 3a.	597
—— Samuel .....	Nottingham 7b.	258
—— Samuel .....	Oldham 8d.	614
—— Samuel .....	E. Stonehouse 5b.	384
—— Samuel Bertram .....	Worksop 7b.	261
—— Samuel George .....	Derby 7b.	596
—— Samuel Henry .....	Kidderminster 6c.	240
—— Sarah .....	Coventry 6d.	562
—— Sarah .....	Blackburn 8e.	411
—— Sarah .....	Westbury S. 5a.	257
—— Sarah .....	Chesterfield 7b.	766
—— Sarah .....	Southampton 2c.	28
—— Sarah Ann .....	Edmonton 3a.	315
—— Sarah Ann .....	Wolverhampton 6b.	256
—— Sarah Ann .....	Leek 6b.	295
—— Sarah Ann .....	Prestwich 8d.	264
—— Sarah Elizabeth .....	Northwich 8a.	268
—— Sarah Elizabeth .....	Ecclesall B. 9c.	387
—— Sarah Ellen .....	Bury 8c.	232
—— Sarah Emma .....	Birmingham 6d.	24
—— Sarah Gladys .....	Newcastle L. 6b.	55
—— Sarah Hannah .....	Halifax 9a.	402
—— Sarah Jane .....	Blackburn 8e.	409
—— Sarah Jane .....	Chorley 8e.	547
—— Sarah Maud .....	Hull 9d.	242
—— Selina .....	Chorlton 8c.	208
—— Sidney .....	Edmonton 3a.	244
—— Sidney Edward .....	Marylebone 1a.	658
—— Sidney Ernest .....	St. Saviour 1d.	239
—— Sidney Harry .....	Ware 3a.	364
—— Stafford George .....	Hackney 1b.	586
—— Stephen .....	Hackney 1b.	485
—— Stephen Robert .....	Chipping S. 6a.	575
—— Susan Ann .....	Chesterton 3b.	481
—— Susan Annie .....	Chelmsford 4a.	441
—— Susanna .....	Walsall 6b.	669
—— Thomas .....	Chorley 8e.	619
—— Thomas .....	Oldham 8d.	725
—— Thomas .....	Bradford 8d.	670
—— Thomas .....	Oldham 8d.	670
—— Thomas .....	Chorley 8e.	508
—— Thomas .....	Wigan 8b.	56
—— Thomas .....	Wigan 8b.	87
—— Thomas .....	Crickhowell 11b.	118
—— Thomas Andrew .....	W. Derby 8b.	604
—— Thomas Edward .....	Bolton 8c.	318
—— Thomas Edward .....	St. Olave 1d.	125
—— Thomas Edward .....	Lewes 2b.	177
—— Thomas Edwin .....	Fylde 8e.	690
—— Thomas Ernest .....	Holborn 1b.	769
—— Thomas Frederick .....	Gravesend 2a.	501
—— Thomas George .....	Edmonton 3a.	242
—— Thomas George W. .....	Lambeth 1d.	484
—— Thomas Harris .....	Dudley 6c.	82
—— Thomas Henry .....	Wigton 10b.	446
—— Thomas Henry A. .....	Bromsgrove 6c.	393
—— Thomas Horace .....	Ecclesall B. 9c.	717
—— Thomas Nettleton .....	Wakefield 9c.	38
—— Thomas Page .....	Durham 10a.	370
—— Thomas Richard .....	Wortley 9c.	142
—— Thomas Richard .....	Tenterden 2a.	777
—— Thomas Robert .....	Guildford 2a.	82
—— Tom .....	Dewsbury 9b.	642
—— Tom Harry .....	Greenwich 1d.	1001
—— Tom Westerman C. .....	Holbeck 9b.	337
—— Victoria .....	St. Geo. H. Sq. 1a.	421
—— Violet .....	Ashton 8d.	483
—— Violet Elizabeth .....	Greenwich 1d.	1005
—— Walter .....	Newmarket 3b.	542
—— Walter .....	Bolton 8c.	400
—— Walter .....	Spilsby 7a.	590
—— Walter Frederick .....	Leeds 9b.	500
—— Walter Henry .....	Ipswich 4a.	779
—— Walter James .....	Chipping N. 3a.	634
—— William .....	Poplar 1c.	834
—— William .....	Bradford, Y. 9b.	75
—— William .....	Bury 8c.	680
—— William .....	Warrington 8c.	85
—— William .....	Wellingboro' 3b.	180
—— William .....	Belper 7b.	630
—— William .....	Redruth 5c.	299
—— William .....	W. Bromwich 6b.	720
—— William .....	Blackburn 8e.	458
—— William .....	Cleobury M. 6a.	481
—— William .....	Wortley 9c.	257
—— William .....	Preston 8e.	555
—— William .....	Durham 10a.	379
—— William .....	Saddleworth 9a.	241
—— William Albert .....	Burnley 8e.	262
—— William Albert B. .....	Greenwich 1d.	1033
—— William Alfred .....	Burnley 8e.	203
—— William Arthur .....	Derby 7b.	862
—— William Charles .....	Kensington 1a.	178
—— William Cooper .....	Wandsworth 1d.	676
—— William Edmund .....	Islington 1b.	408
—— William Frank .....	Islington 1b.	399
x - Alice J. Thorngoe 4A 630H
3 Y 2
